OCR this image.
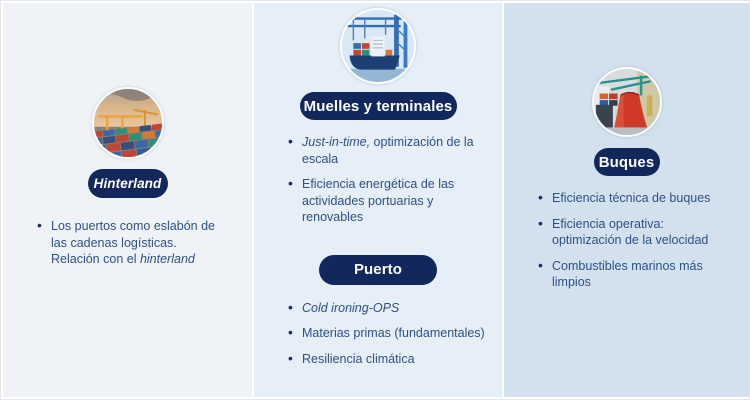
Hinterland
• Los puertos como eslabón de
las cadenas logísticas.
Relación con el hinterland
Muelles y terminales
• Just-in-time, optimización de la
escala
• Eficiencia energética de las
actividades portuarias y
renovables
Puerto
• Cold ironing-OPS
• Materias primas (fundamentales)
• Resiliencia climática
Buques
• Eficiencia técnica de buques
• Eficiencia operativa:
optimización de la velocidad
• Combustibles marinos más
limpios
